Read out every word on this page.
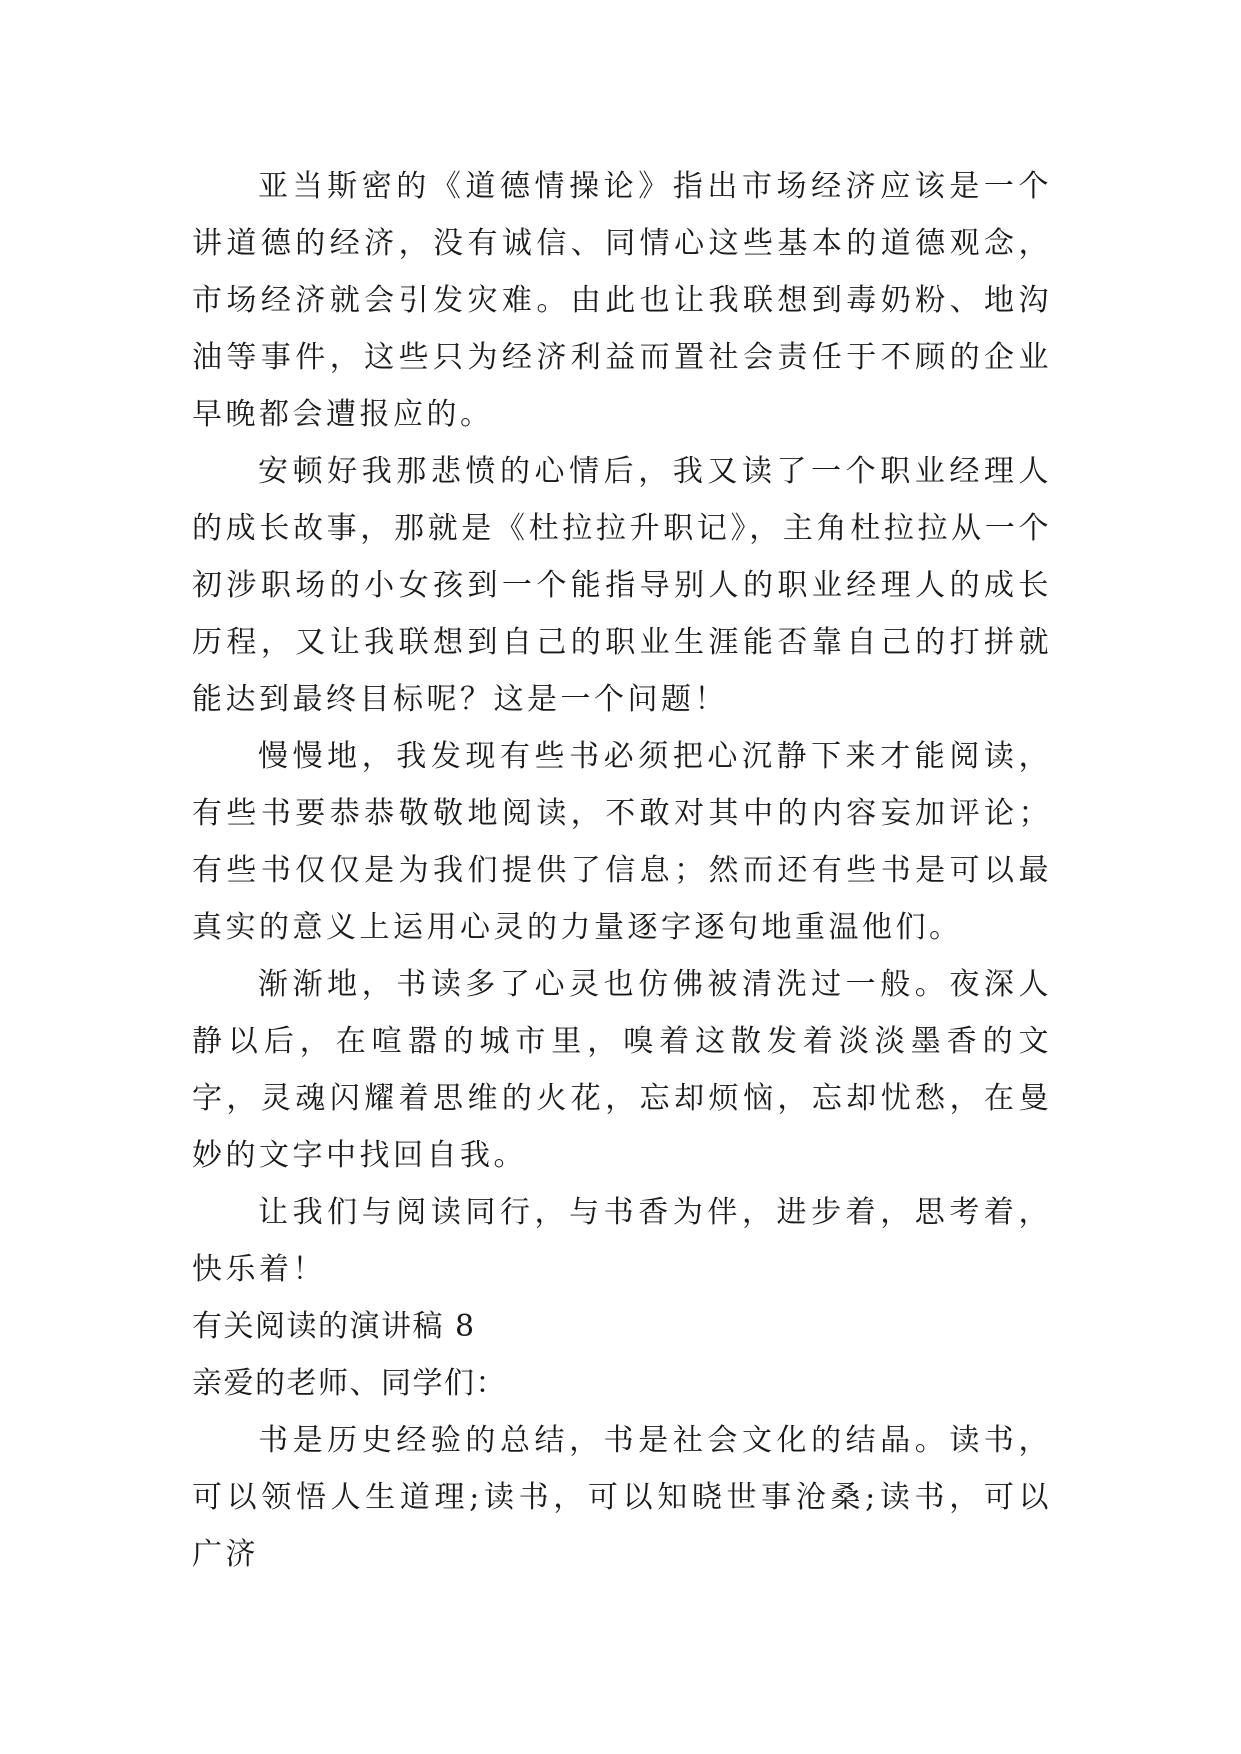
亚当斯密的《道德情操论》指出市场经济应该是一个讲道德的经济，没有诚信、同情心这些基本的道德观念，市场经济就会引发灾难。由此也让我联想到毒奶粉、地沟油等事件，这些只为经济利益而置社会责任于不顾的企业早晚都会遭报应的。

安顿好我那悲愤的心情后，我又读了一个职业经理人的成长故事，那就是《杜拉拉升职记》，主角杜拉拉从一个初涉职场的小女孩到一个能指导别人的职业经理人的成长历程，又让我联想到自己的职业生涯能否靠自己的打拼就能达到最终目标呢？这是一个问题！

慢慢地，我发现有些书必须把心沉静下来才能阅读，有些书要恭恭敬敬地阅读，不敢对其中的内容妄加评论；有些书仅仅是为我们提供了信息；然而还有些书是可以最真实的意义上运用心灵的力量逐字逐句地重温他们。

渐渐地，书读多了心灵也仿佛被清洗过一般。夜深人静以后，在喧嚣的城市里，嗅着这散发着淡淡墨香的文字，灵魂闪耀着思维的火花，忘却烦恼，忘却忧愁，在曼妙的文字中找回自我。

让我们与阅读同行，与书香为伴，进步着，思考着，快乐着！

有关阅读的演讲稿 8

亲爱的老师、同学们：

书是历史经验的总结，书是社会文化的结晶。读书，可以领悟人生道理;读书，可以知晓世事沧桑;读书，可以广济
